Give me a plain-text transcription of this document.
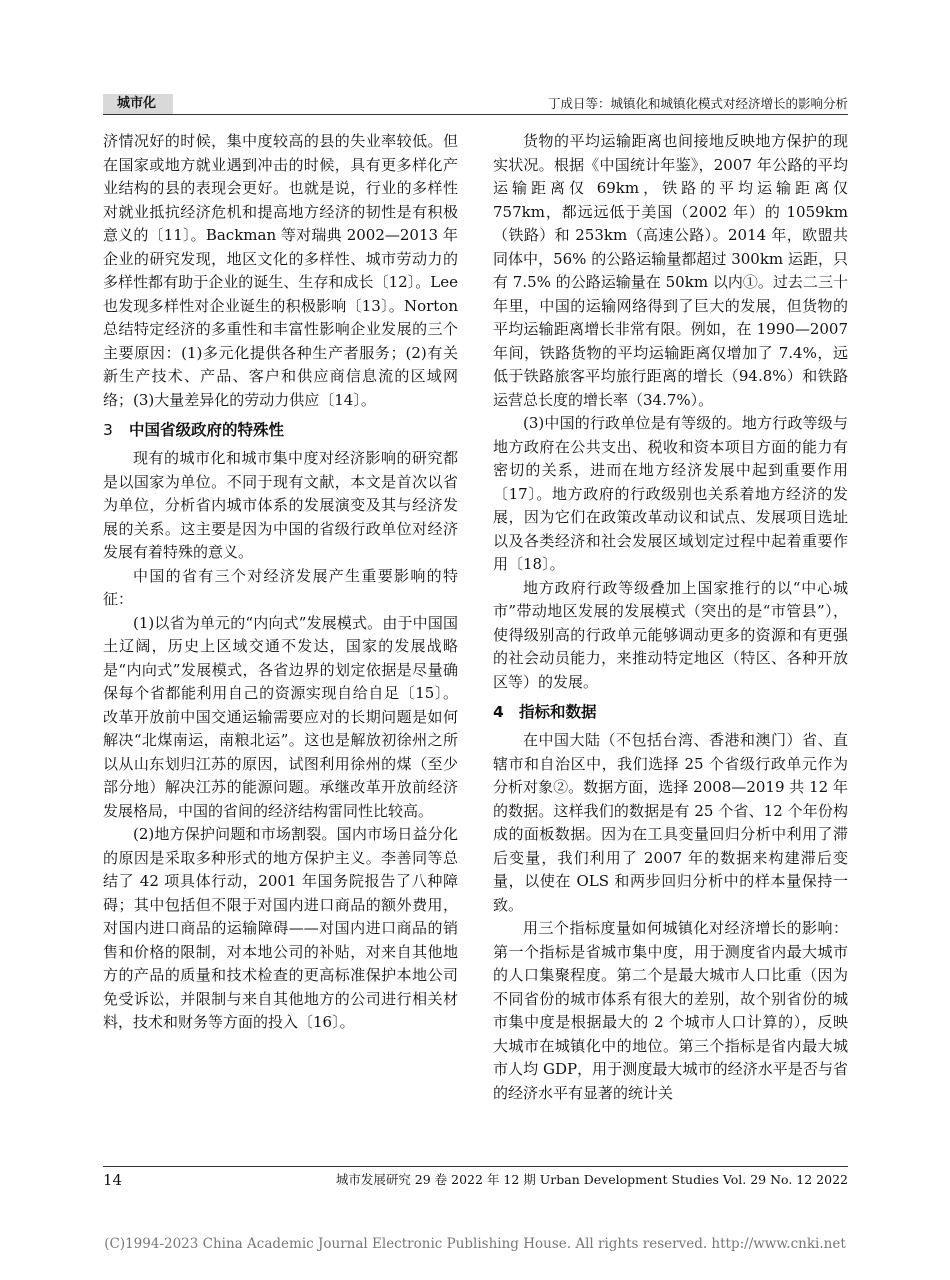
城市化	丁成日等：城镇化和城镇化模式对经济增长的影响分析

济情况好的时候，集中度较高的县的失业率较低。但在国家或地方就业遇到冲击的时候，具有更多样化产业结构的县的表现会更好。也就是说，行业的多样性对就业抵抗经济危机和提高地方经济的韧性是有积极意义的〔11〕。Backman 等对瑞典 2002—2013 年企业的研究发现，地区文化的多样性、城市劳动力的多样性都有助于企业的诞生、生存和成长〔12〕。Lee 也发现多样性对企业诞生的积极影响〔13〕。Norton 总结特定经济的多重性和丰富性影响企业发展的三个主要原因：(1)多元化提供各种生产者服务；(2)有关新生产技术、产品、客户和供应商信息流的区域网络；(3)大量差异化的劳动力供应〔14〕。

3 中国省级政府的特殊性

现有的城市化和城市集中度对经济影响的研究都是以国家为单位。不同于现有文献，本文是首次以省为单位，分析省内城市体系的发展演变及其与经济发展的关系。这主要是因为中国的省级行政单位对经济发展有着特殊的意义。

中国的省有三个对经济发展产生重要影响的特征：

(1)以省为单元的“内向式”发展模式。由于中国国土辽阔，历史上区域交通不发达，国家的发展战略是“内向式”发展模式，各省边界的划定依据是尽量确保每个省都能利用自己的资源实现自给自足〔15〕。改革开放前中国交通运输需要应对的长期问题是如何解决“北煤南运，南粮北运”。这也是解放初徐州之所以从山东划归江苏的原因，试图利用徐州的煤（至少部分地）解决江苏的能源问题。承继改革开放前经济发展格局，中国的省间的经济结构雷同性比较高。

(2)地方保护问题和市场割裂。国内市场日益分化的原因是采取多种形式的地方保护主义。李善同等总结了 42 项具体行动，2001 年国务院报告了八种障碍；其中包括但不限于对国内进口商品的额外费用，对国内进口商品的运输障碍——对国内进口商品的销售和价格的限制，对本地公司的补贴，对来自其他地方的产品的质量和技术检查的更高标准保护本地公司免受诉讼，并限制与来自其他地方的公司进行相关材料，技术和财务等方面的投入〔16〕。

货物的平均运输距离也间接地反映地方保护的现实状况。根据《中国统计年鉴》，2007 年公路的平均运输距离仅 69km，铁路的平均运输距离仅 757km，都远远低于美国（2002 年）的 1059km（铁路）和 253km（高速公路）。2014 年，欧盟共同体中，56% 的公路运输量都超过 300km 运距，只有 7.5% 的公路运输量在 50km 以内①。过去二三十年里，中国的运输网络得到了巨大的发展，但货物的平均运输距离增长非常有限。例如，在 1990—2007 年间，铁路货物的平均运输距离仅增加了 7.4%，远低于铁路旅客平均旅行距离的增长（94.8%）和铁路运营总长度的增长率（34.7%）。

(3)中国的行政单位是有等级的。地方行政等级与地方政府在公共支出、税收和资本项目方面的能力有密切的关系，进而在地方经济发展中起到重要作用〔17〕。地方政府的行政级别也关系着地方经济的发展，因为它们在政策改革动议和试点、发展项目选址以及各类经济和社会发展区域划定过程中起着重要作用〔18〕。

地方政府行政等级叠加上国家推行的以“中心城市”带动地区发展的发展模式（突出的是“市管县”），使得级别高的行政单元能够调动更多的资源和有更强的社会动员能力，来推动特定地区（特区、各种开放区等）的发展。

4 指标和数据

在中国大陆（不包括台湾、香港和澳门）省、直辖市和自治区中，我们选择 25 个省级行政单元作为分析对象②。数据方面，选择 2008—2019 共 12 年的数据。这样我们的数据是有 25 个省、12 个年份构成的面板数据。因为在工具变量回归分析中利用了滞后变量，我们利用了 2007 年的数据来构建滞后变量，以使在 OLS 和两步回归分析中的样本量保持一致。

用三个指标度量如何城镇化对经济增长的影响：第一个指标是省城市集中度，用于测度省内最大城市的人口集聚程度。第二个是最大城市人口比重（因为不同省份的城市体系有很大的差别，故个别省份的城市集中度是根据最大的 2 个城市人口计算的），反映大城市在城镇化中的地位。第三个指标是省内最大城市人均 GDP，用于测度最大城市的经济水平是否与省的经济水平有显著的统计关

14	城市发展研究 29 卷 2022 年 12 期 Urban Development Studies Vol. 29 No. 12 2022
(C)1994-2023 China Academic Journal Electronic Publishing House. All rights reserved. http://www.cnki.net
